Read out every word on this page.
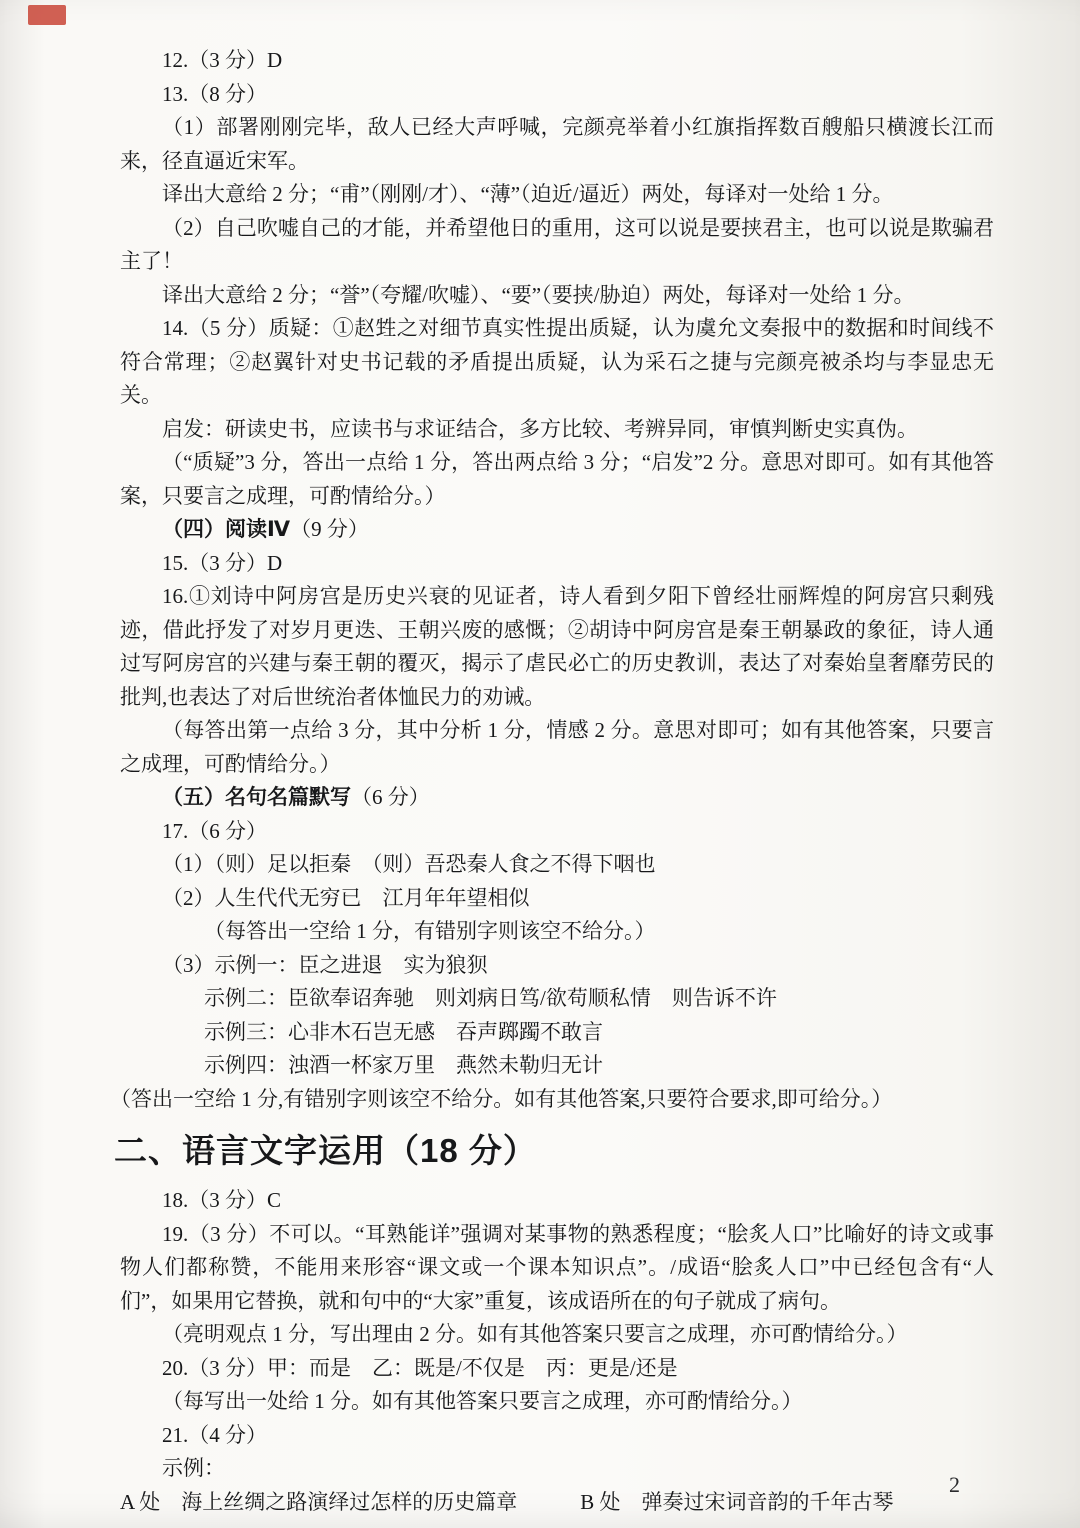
12.（3 分）D

13.（8 分）

（1）部署刚刚完毕，敌人已经大声呼喊，完颜亮举着小红旗指挥数百艘船只横渡长江而来，径直逼近宋军。

译出大意给 2 分；“甫”（刚刚/才）、“薄”（迫近/逼近）两处，每译对一处给 1 分。

（2）自己吹嘘自己的才能，并希望他日的重用，这可以说是要挟君主，也可以说是欺骗君主了！

译出大意给 2 分；“誉”（夸耀/吹嘘）、“要”（要挟/胁迫）两处，每译对一处给 1 分。

14.（5 分）质疑：①赵甡之对细节真实性提出质疑，认为虞允文奏报中的数据和时间线不符合常理；②赵翼针对史书记载的矛盾提出质疑，认为采石之捷与完颜亮被杀均与李显忠无关。

启发：研读史书，应读书与求证结合，多方比较、考辨异同，审慎判断史实真伪。

（“质疑”3 分，答出一点给 1 分，答出两点给 3 分；“启发”2 分。意思对即可。如有其他答案，只要言之成理，可酌情给分。）

（四）阅读Ⅳ（9 分）

15.（3 分）D

16.①刘诗中阿房宫是历史兴衰的见证者，诗人看到夕阳下曾经壮丽辉煌的阿房宫只剩残迹，借此抒发了对岁月更迭、王朝兴废的感慨；②胡诗中阿房宫是秦王朝暴政的象征，诗人通过写阿房宫的兴建与秦王朝的覆灭，揭示了虐民必亡的历史教训，表达了对秦始皇奢靡劳民的批判,也表达了对后世统治者体恤民力的劝诫。

（每答出第一点给 3 分，其中分析 1 分，情感 2 分。意思对即可；如有其他答案，只要言之成理，可酌情给分。）

（五）名句名篇默写（6 分）

17.（6 分）

（1）（则）足以拒秦　（则）吾恐秦人食之不得下咽也

（2）人生代代无穷已　江月年年望相似

（每答出一空给 1 分，有错别字则该空不给分。）

（3）示例一：臣之进退　实为狼狈

示例二：臣欲奉诏奔驰　则刘病日笃/欲苟顺私情　则告诉不许

示例三：心非木石岂无感　吞声踯躅不敢言

示例四：浊酒一杯家万里　燕然未勒归无计

（答出一空给 1 分,有错别字则该空不给分。如有其他答案,只要符合要求,即可给分。）

二、语言文字运用（18 分）

18.（3 分）C

19.（3 分）不可以。“耳熟能详”强调对某事物的熟悉程度；“脍炙人口”比喻好的诗文或事物人们都称赞，不能用来形容“课文或一个课本知识点”。/成语“脍炙人口”中已经包含有“人们”，如果用它替换，就和句中的“大家”重复，该成语所在的句子就成了病句。

（亮明观点 1 分，写出理由 2 分。如有其他答案只要言之成理，亦可酌情给分。）

20.（3 分）甲：而是　乙：既是/不仅是　丙：更是/还是

（每写出一处给 1 分。如有其他答案只要言之成理，亦可酌情给分。）

21.（4 分）

示例：

A 处　海上丝绸之路演绎过怎样的历史篇章　　　B 处　弹奏过宋词音韵的千年古琴

2
